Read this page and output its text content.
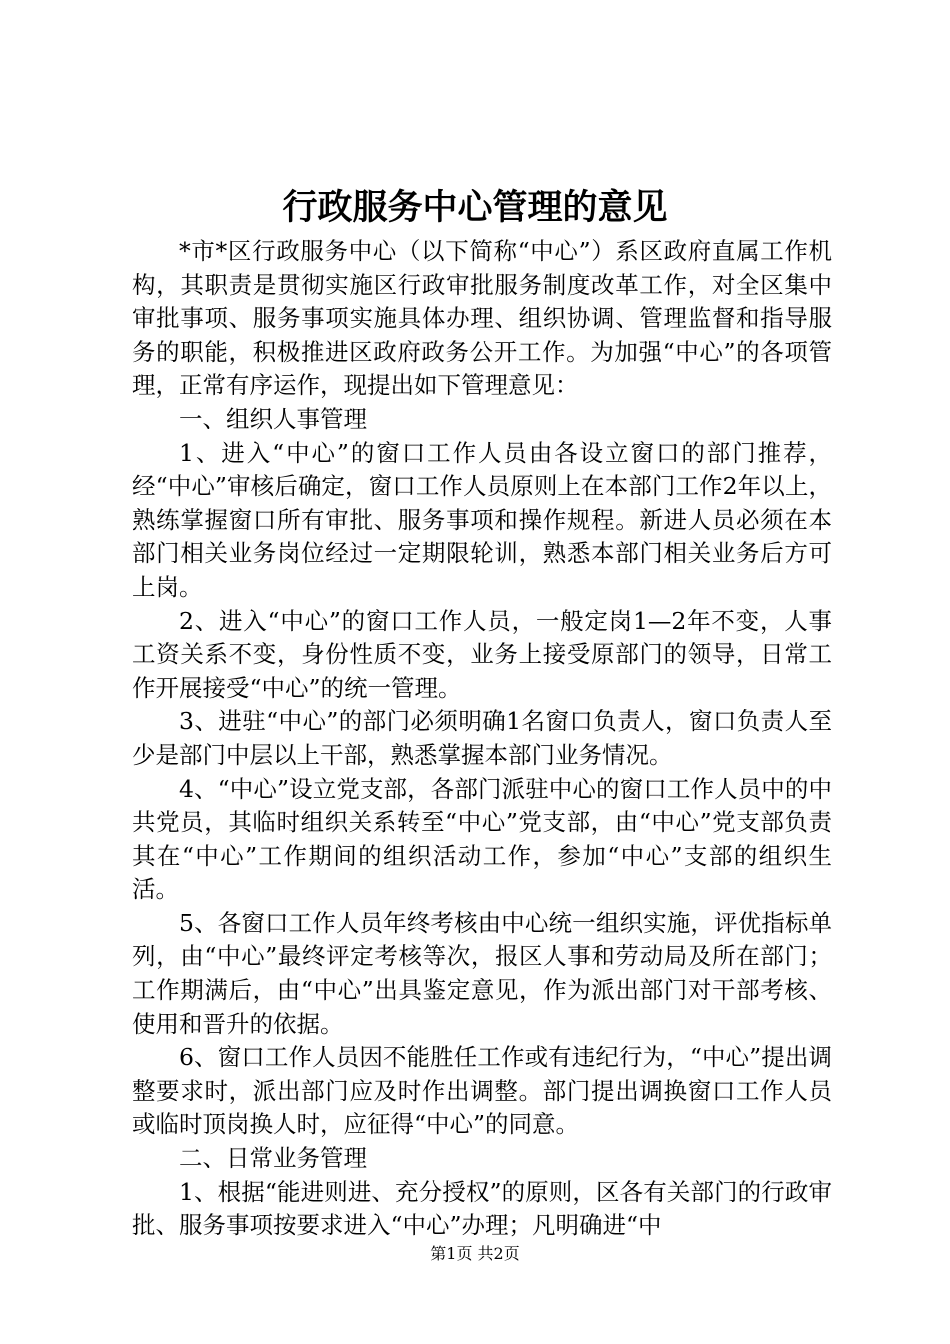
行政服务中心管理的意见

*市*区行政服务中心（以下简称“中心”）系区政府直属工作机构，其职责是贯彻实施区行政审批服务制度改革工作，对全区集中审批事项、服务事项实施具体办理、组织协调、管理监督和指导服务的职能，积极推进区政府政务公开工作。为加强“中心”的各项管理，正常有序运作，现提出如下管理意见：

一、组织人事管理

1、进入“中心”的窗口工作人员由各设立窗口的部门推荐，经“中心”审核后确定，窗口工作人员原则上在本部门工作2年以上，熟练掌握窗口所有审批、服务事项和操作规程。新进人员必须在本部门相关业务岗位经过一定期限轮训，熟悉本部门相关业务后方可上岗。

2、进入“中心”的窗口工作人员，一般定岗1—2年不变，人事工资关系不变，身份性质不变，业务上接受原部门的领导，日常工作开展接受“中心”的统一管理。

3、进驻“中心”的部门必须明确1名窗口负责人，窗口负责人至少是部门中层以上干部，熟悉掌握本部门业务情况。

4、“中心”设立党支部，各部门派驻中心的窗口工作人员中的中共党员，其临时组织关系转至“中心”党支部，由“中心”党支部负责其在“中心”工作期间的组织活动工作，参加“中心”支部的组织生活。

5、各窗口工作人员年终考核由中心统一组织实施，评优指标单列，由“中心”最终评定考核等次，报区人事和劳动局及所在部门；工作期满后，由“中心”出具鉴定意见，作为派出部门对干部考核、使用和晋升的依据。

6、窗口工作人员因不能胜任工作或有违纪行为，“中心”提出调整要求时，派出部门应及时作出调整。部门提出调换窗口工作人员或临时顶岗换人时，应征得“中心”的同意。

二、日常业务管理

1、根据“能进则进、充分授权”的原则，区各有关部门的行政审批、服务事项按要求进入“中心”办理；凡明确进“中

第1页 共2页
